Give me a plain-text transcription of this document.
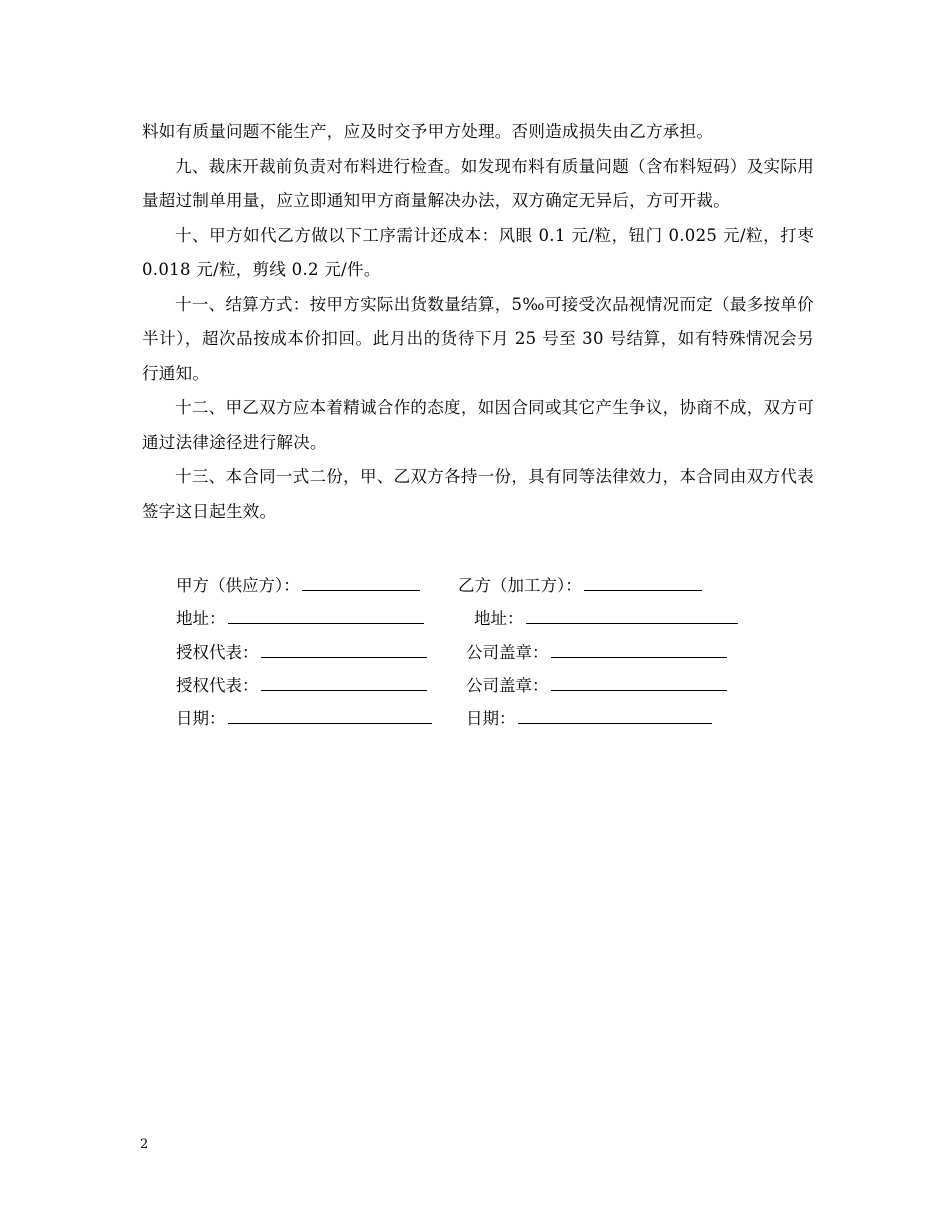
料如有质量问题不能生产，应及时交予甲方处理。否则造成损失由乙方承担。

九、裁床开裁前负责对布料进行检查。如发现布料有质量问题（含布料短码）及实际用量超过制单用量，应立即通知甲方商量解决办法，双方确定无异后，方可开裁。

十、甲方如代乙方做以下工序需计还成本：风眼 0.1 元/粒，钮门 0.025 元/粒，打枣 0.018 元/粒，剪线 0.2 元/件。

十一、结算方式：按甲方实际出货数量结算，5‰可接受次品视情况而定（最多按单价半计），超次品按成本价扣回。此月出的货待下月 25 号至 30 号结算，如有特殊情况会另行通知。

十二、甲乙双方应本着精诚合作的态度，如因合同或其它产生争议，协商不成，双方可通过法律途径进行解决。

十三、本合同一式二份，甲、乙双方各持一份，具有同等法律效力，本合同由双方代表签字这日起生效。

甲方（供应方）：	乙方（加工方）：
地址：	地址：
授权代表：	公司盖章：
授权代表：	公司盖章：
日期：	日期：
2
